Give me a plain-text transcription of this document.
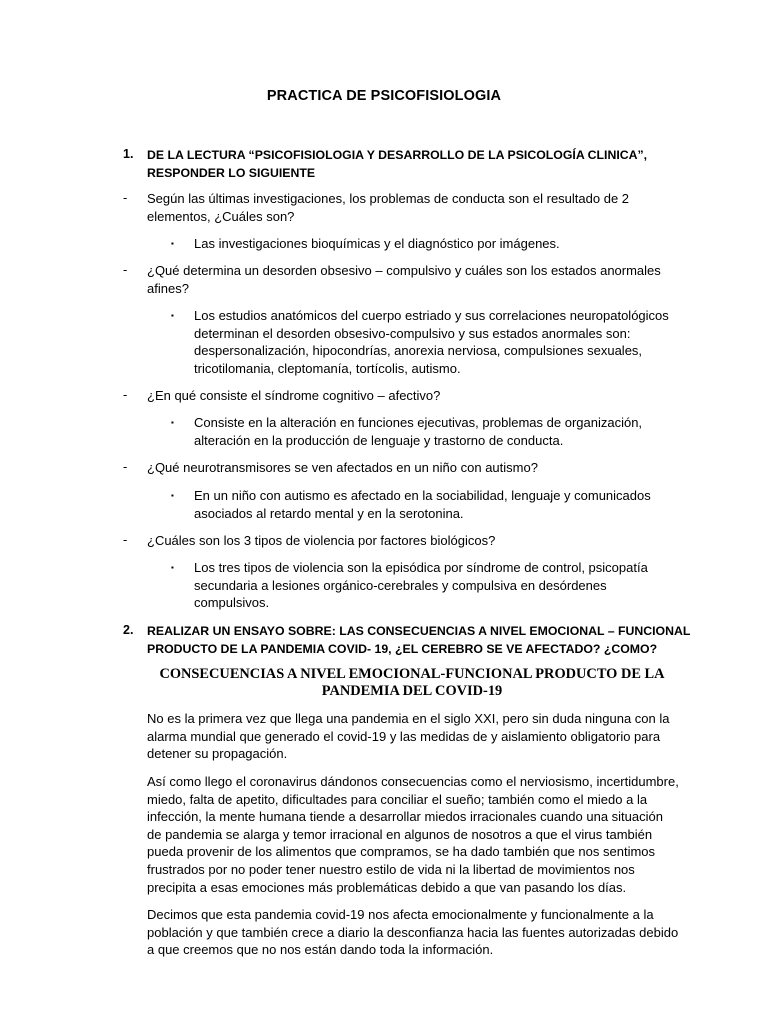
PRACTICA DE PSICOFISIOLOGIA
1. DE LA LECTURA “PSICOFISIOLOGIA Y DESARROLLO DE LA PSICOLOGÍA CLINICA”,
RESPONDER LO SIGUIENTE
- Según las últimas investigaciones, los problemas de conducta son el resultado de 2
elementos, ¿Cuáles son?
▪ Las investigaciones bioquímicas y el diagnóstico por imágenes.
- ¿Qué determina un desorden obsesivo – compulsivo y cuáles son los estados anormales
afines?
▪ Los estudios anatómicos del cuerpo estriado y sus correlaciones neuropatológicos
determinan el desorden obsesivo-compulsivo y sus estados anormales son:
despersonalización, hipocondrías, anorexia nerviosa, compulsiones sexuales,
tricotilomania, cleptomanía, tortícolis, autismo.
- ¿En qué consiste el síndrome cognitivo – afectivo?
▪ Consiste en la alteración en funciones ejecutivas, problemas de organización,
alteración en la producción de lenguaje y trastorno de conducta.
- ¿Qué neurotransmisores se ven afectados en un niño con autismo?
▪ En un niño con autismo es afectado en la sociabilidad, lenguaje y comunicados
asociados al retardo mental y en la serotonina.
- ¿Cuáles son los 3 tipos de violencia por factores biológicos?
▪ Los tres tipos de violencia son la episódica por síndrome de control, psicopatía
secundaria a lesiones orgánico-cerebrales y compulsiva en desórdenes
compulsivos.
2. REALIZAR UN ENSAYO SOBRE: LAS CONSECUENCIAS A NIVEL EMOCIONAL – FUNCIONAL
PRODUCTO DE LA PANDEMIA COVID- 19, ¿EL CEREBRO SE VE AFECTADO? ¿COMO?
CONSECUENCIAS A NIVEL EMOCIONAL-FUNCIONAL PRODUCTO DE LA
PANDEMIA DEL COVID-19
No es la primera vez que llega una pandemia en el siglo XXI, pero sin duda ninguna con la
alarma mundial que generado el covid-19 y las medidas de y aislamiento obligatorio para
detener su propagación.
Así como llego el coronavirus dándonos consecuencias como el nerviosismo, incertidumbre,
miedo, falta de apetito, dificultades para conciliar el sueño; también como el miedo a la
infección, la mente humana tiende a desarrollar miedos irracionales cuando una situación
de pandemia se alarga y temor irracional en algunos de nosotros a que el virus también
pueda provenir de los alimentos que compramos, se ha dado también que nos sentimos
frustrados por no poder tener nuestro estilo de vida ni la libertad de movimientos nos
precipita a esas emociones más problemáticas debido a que van pasando los días.
Decimos que esta pandemia covid-19 nos afecta emocionalmente y funcionalmente a la
población y que también crece a diario la desconfianza hacia las fuentes autorizadas debido
a que creemos que no nos están dando toda la información.
